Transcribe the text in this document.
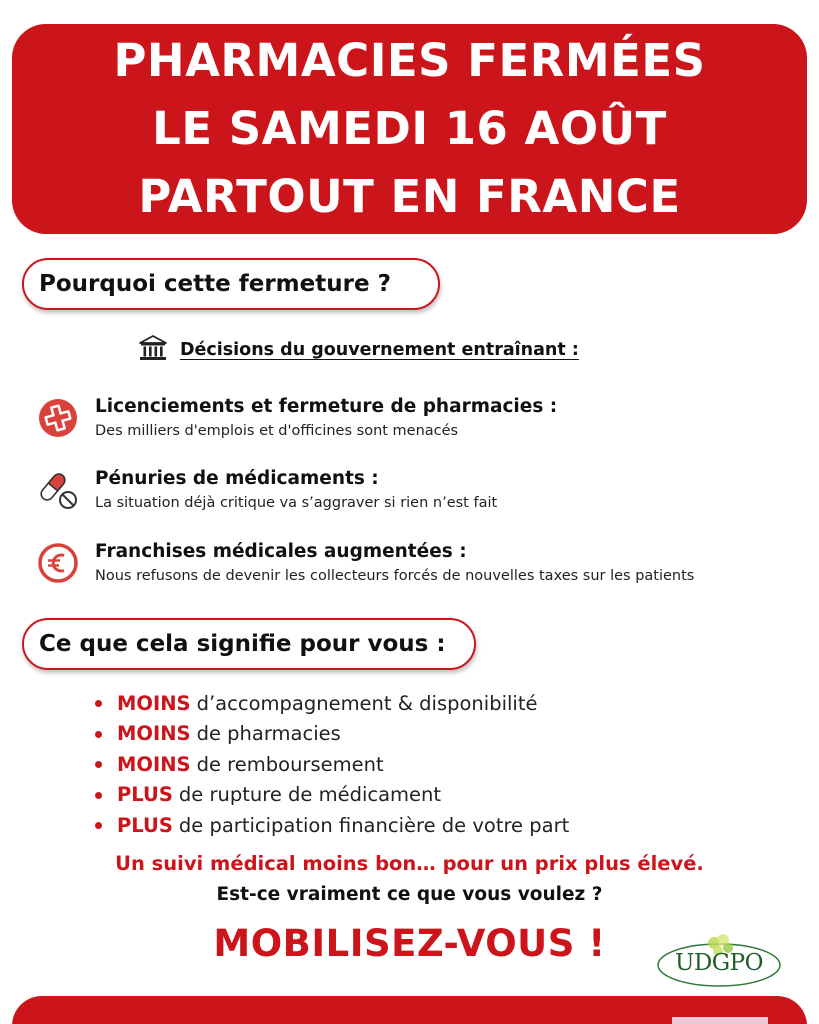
PHARMACIES FERMÉES
LE SAMEDI 16 AOÛT
PARTOUT EN FRANCE
Pourquoi cette fermeture ?
Décisions du gouvernement entraînant :
Licenciements et fermeture de pharmacies :
Des milliers d'emplois et d'officines sont menacés
Pénuries de médicaments :
La situation déjà critique va s’aggraver si rien n’est fait
Franchises médicales augmentées :
Nous refusons de devenir les collecteurs forcés de nouvelles taxes sur les patients
Ce que cela signifie pour vous :
MOINS d’accompagnement & disponibilité
MOINS de pharmacies
MOINS de remboursement
PLUS de rupture de médicament
PLUS de participation financière de votre part
Un suivi médical moins bon… pour un prix plus élevé.
Est-ce vraiment ce que vous voulez ?
MOBILISEZ-VOUS !	UDGPO
